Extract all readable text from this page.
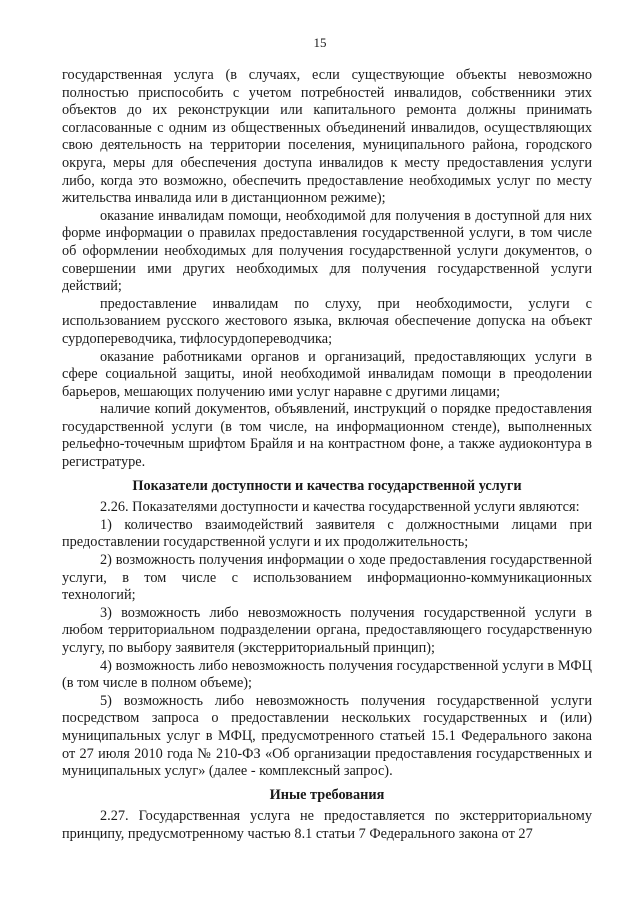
15

государственная услуга (в случаях, если существующие объекты невозможно полностью приспособить с учетом потребностей инвалидов, собственники этих объектов до их реконструкции или капитального ремонта должны принимать согласованные с одним из общественных объединений инвалидов, осуществляющих свою деятельность на территории поселения, муниципального района, городского округа, меры для обеспечения доступа инвалидов к месту предоставления услуги либо, когда это возможно, обеспечить предоставление необходимых услуг по месту жительства инвалида или в дистанционном режиме);

оказание инвалидам помощи, необходимой для получения в доступной для них форме информации о правилах предоставления государственной услуги, в том числе об оформлении необходимых для получения государственной услуги документов, о совершении ими других необходимых для получения государственной услуги действий;

предоставление инвалидам по слуху, при необходимости, услуги с использованием русского жестового языка, включая обеспечение допуска на объект сурдопереводчика, тифлосурдопереводчика;

оказание работниками органов и организаций, предоставляющих услуги в сфере социальной защиты, иной необходимой инвалидам помощи в преодолении барьеров, мешающих получению ими услуг наравне с другими лицами;

наличие копий документов, объявлений, инструкций о порядке предоставления государственной услуги (в том числе, на информационном стенде), выполненных рельефно-точечным шрифтом Брайля и на контрастном фоне, а также аудиоконтура в регистратуре.

Показатели доступности и качества государственной услуги

2.26. Показателями доступности и качества государственной услуги являются:

1) количество взаимодействий заявителя с должностными лицами при предоставлении государственной услуги и их продолжительность;

2) возможность получения информации о ходе предоставления государственной услуги, в том числе с использованием информационно-коммуникационных технологий;

3) возможность либо невозможность получения государственной услуги в любом территориальном подразделении органа, предоставляющего государственную услугу, по выбору заявителя (экстерриториальный принцип);

4) возможность либо невозможность получения государственной услуги в МФЦ (в том числе в полном объеме);

5) возможность либо невозможность получения государственной услуги посредством запроса о предоставлении нескольких государственных и (или) муниципальных услуг в МФЦ, предусмотренного статьей 15.1 Федерального закона от 27 июля 2010 года № 210-ФЗ «Об организации предоставления государственных и муниципальных услуг» (далее - комплексный запрос).

Иные требования

2.27. Государственная услуга не предоставляется по экстерриториальному принципу, предусмотренному частью 8.1 статьи 7 Федерального закона от 27
